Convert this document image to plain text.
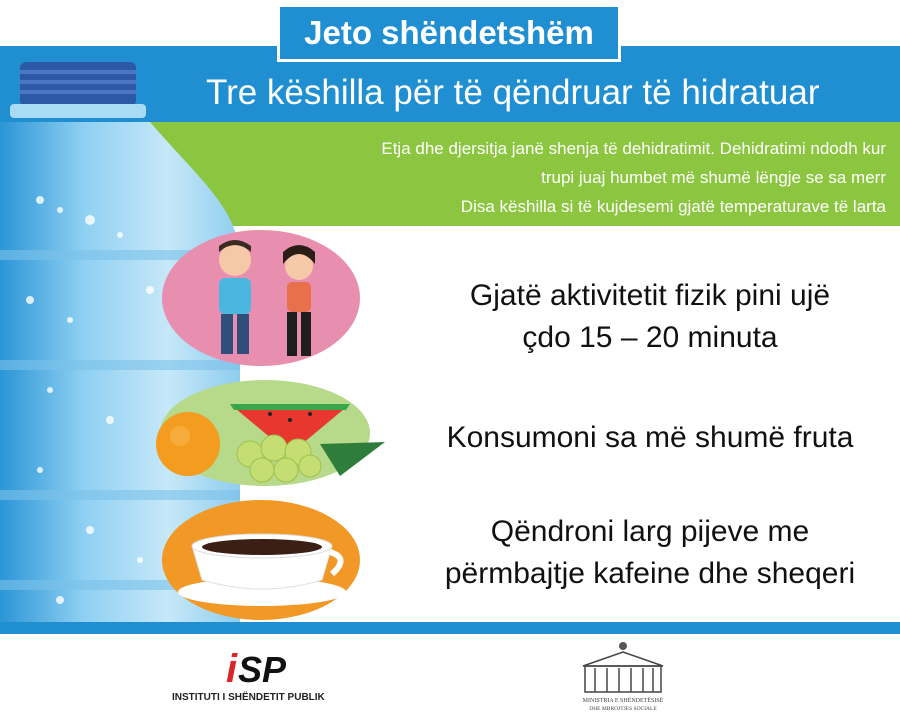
Jeto shëndetshëm
Tre këshilla për të qëndruar të hidratuar
Etja dhe djersitja janë shenja të dehidratimit. Dehidratimi ndodh kur
trupi juaj humbet më shumë lëngje se sa merr
Disa këshilla si të kujdesemi gjatë temperaturave të larta
Gjatë aktivitetit fizik pini ujë
çdo 15 – 20 minuta
Konsumoni sa më shumë fruta
Qëndroni larg pijeve me
përmbajtje kafeine dhe sheqeri
i SP
INSTITUTI I SHËNDETIT PUBLIK	MINISTRIA E SHËNDETËSISË
DHE MBROJTJES SOCIALE
